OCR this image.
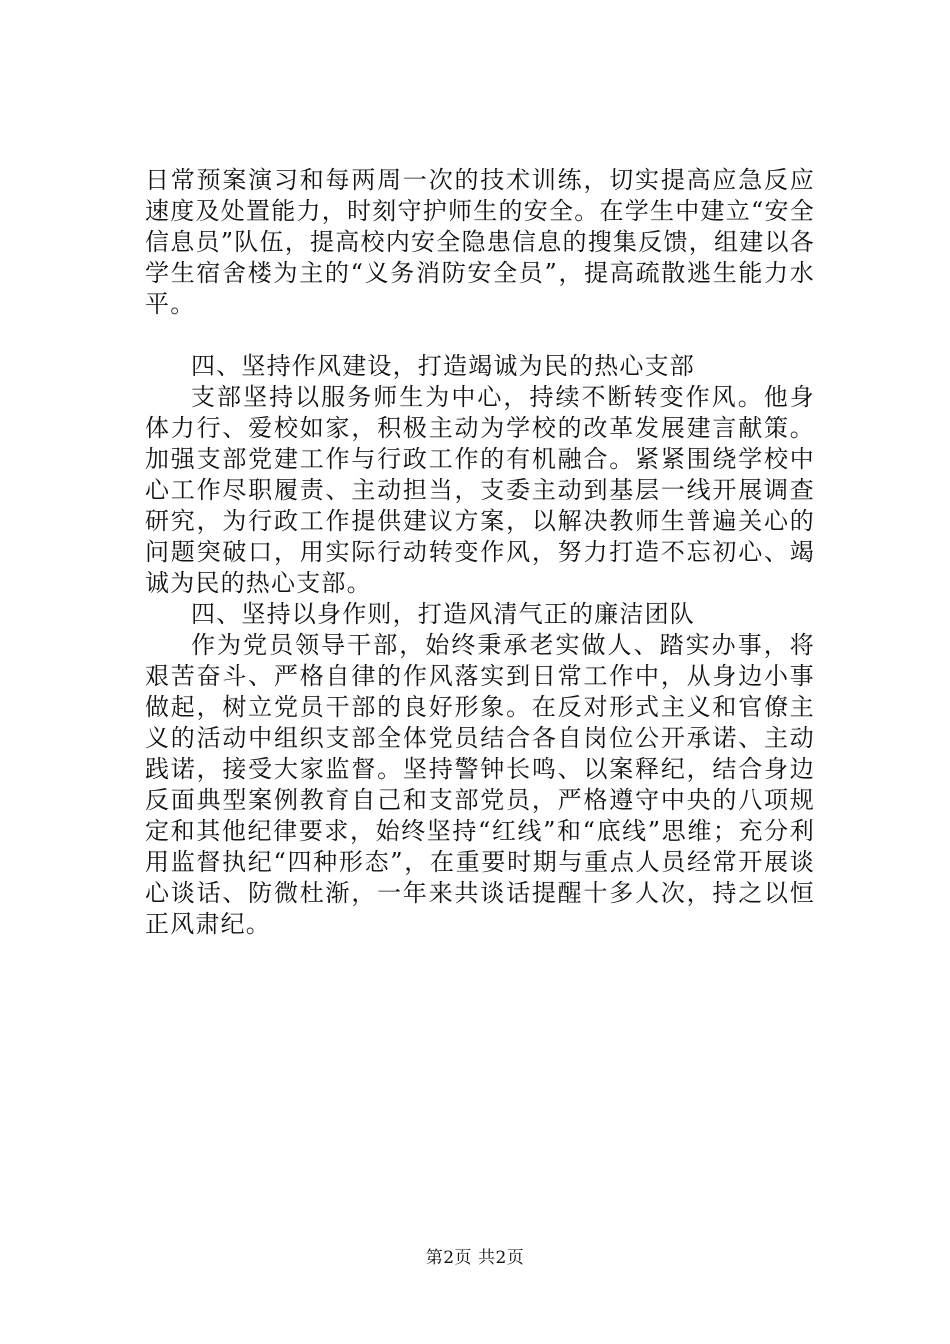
日常预案演习和每两周一次的技术训练，切实提高应急反应速度及处置能力，时刻守护师生的安全。在学生中建立“安全信息员”队伍，提高校内安全隐患信息的搜集反馈，组建以各学生宿舍楼为主的“义务消防安全员”，提高疏散逃生能力水平。

四、坚持作风建设，打造竭诚为民的热心支部

支部坚持以服务师生为中心，持续不断转变作风。他身体力行、爱校如家，积极主动为学校的改革发展建言献策。加强支部党建工作与行政工作的有机融合。紧紧围绕学校中心工作尽职履责、主动担当，支委主动到基层一线开展调查研究，为行政工作提供建议方案，以解决教师生普遍关心的问题突破口，用实际行动转变作风，努力打造不忘初心、竭诚为民的热心支部。

四、坚持以身作则，打造风清气正的廉洁团队

作为党员领导干部，始终秉承老实做人、踏实办事，将艰苦奋斗、严格自律的作风落实到日常工作中，从身边小事做起，树立党员干部的良好形象。在反对形式主义和官僚主义的活动中组织支部全体党员结合各自岗位公开承诺、主动践诺，接受大家监督。坚持警钟长鸣、以案释纪，结合身边反面典型案例教育自己和支部党员，严格遵守中央的八项规定和其他纪律要求，始终坚持“红线”和“底线”思维；充分利用监督执纪“四种形态”，在重要时期与重点人员经常开展谈心谈话、防微杜渐，一年来共谈话提醒十多人次，持之以恒正风肃纪。

第2页 共2页
